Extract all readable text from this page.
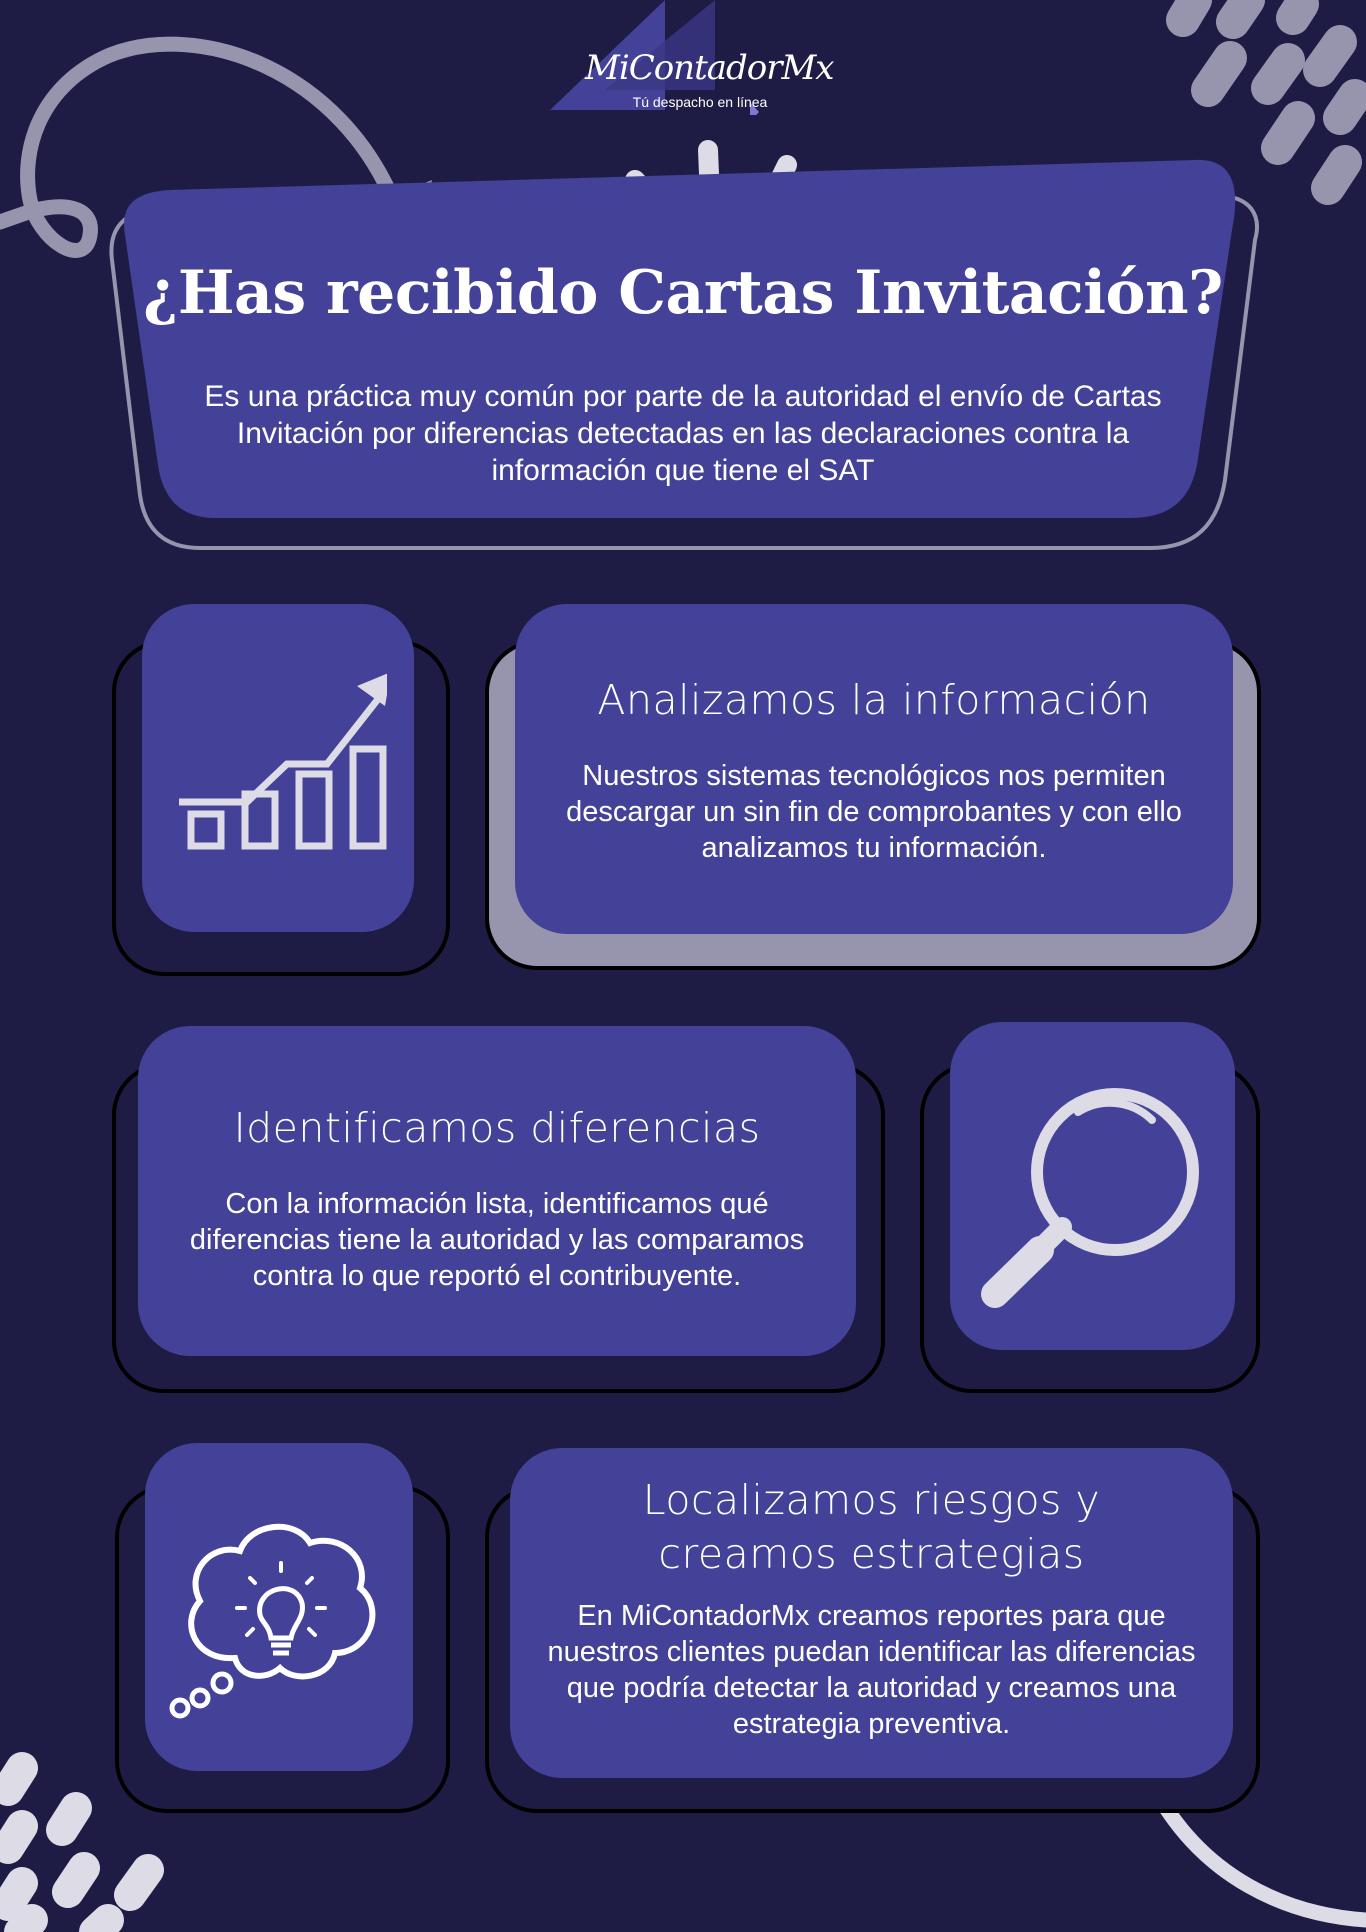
MiContadorMx
Tú despacho en línea
¿Has recibido Cartas Invitación?
Es una práctica muy común por parte de la autoridad el envío de Cartas Invitación por diferencias detectadas en las declaraciones contra la información que tiene el SAT
Analizamos la información
Nuestros sistemas tecnológicos nos permiten descargar un sin fin de comprobantes y con ello analizamos tu información.
Identificamos diferencias
Con la información lista, identificamos qué diferencias tiene la autoridad y las comparamos contra lo que reportó el contribuyente.
Localizamos riesgos y
creamos estrategias
En MiContadorMx creamos reportes para que nuestros clientes puedan identificar las diferencias que podría detectar la autoridad y creamos una estrategia preventiva.
